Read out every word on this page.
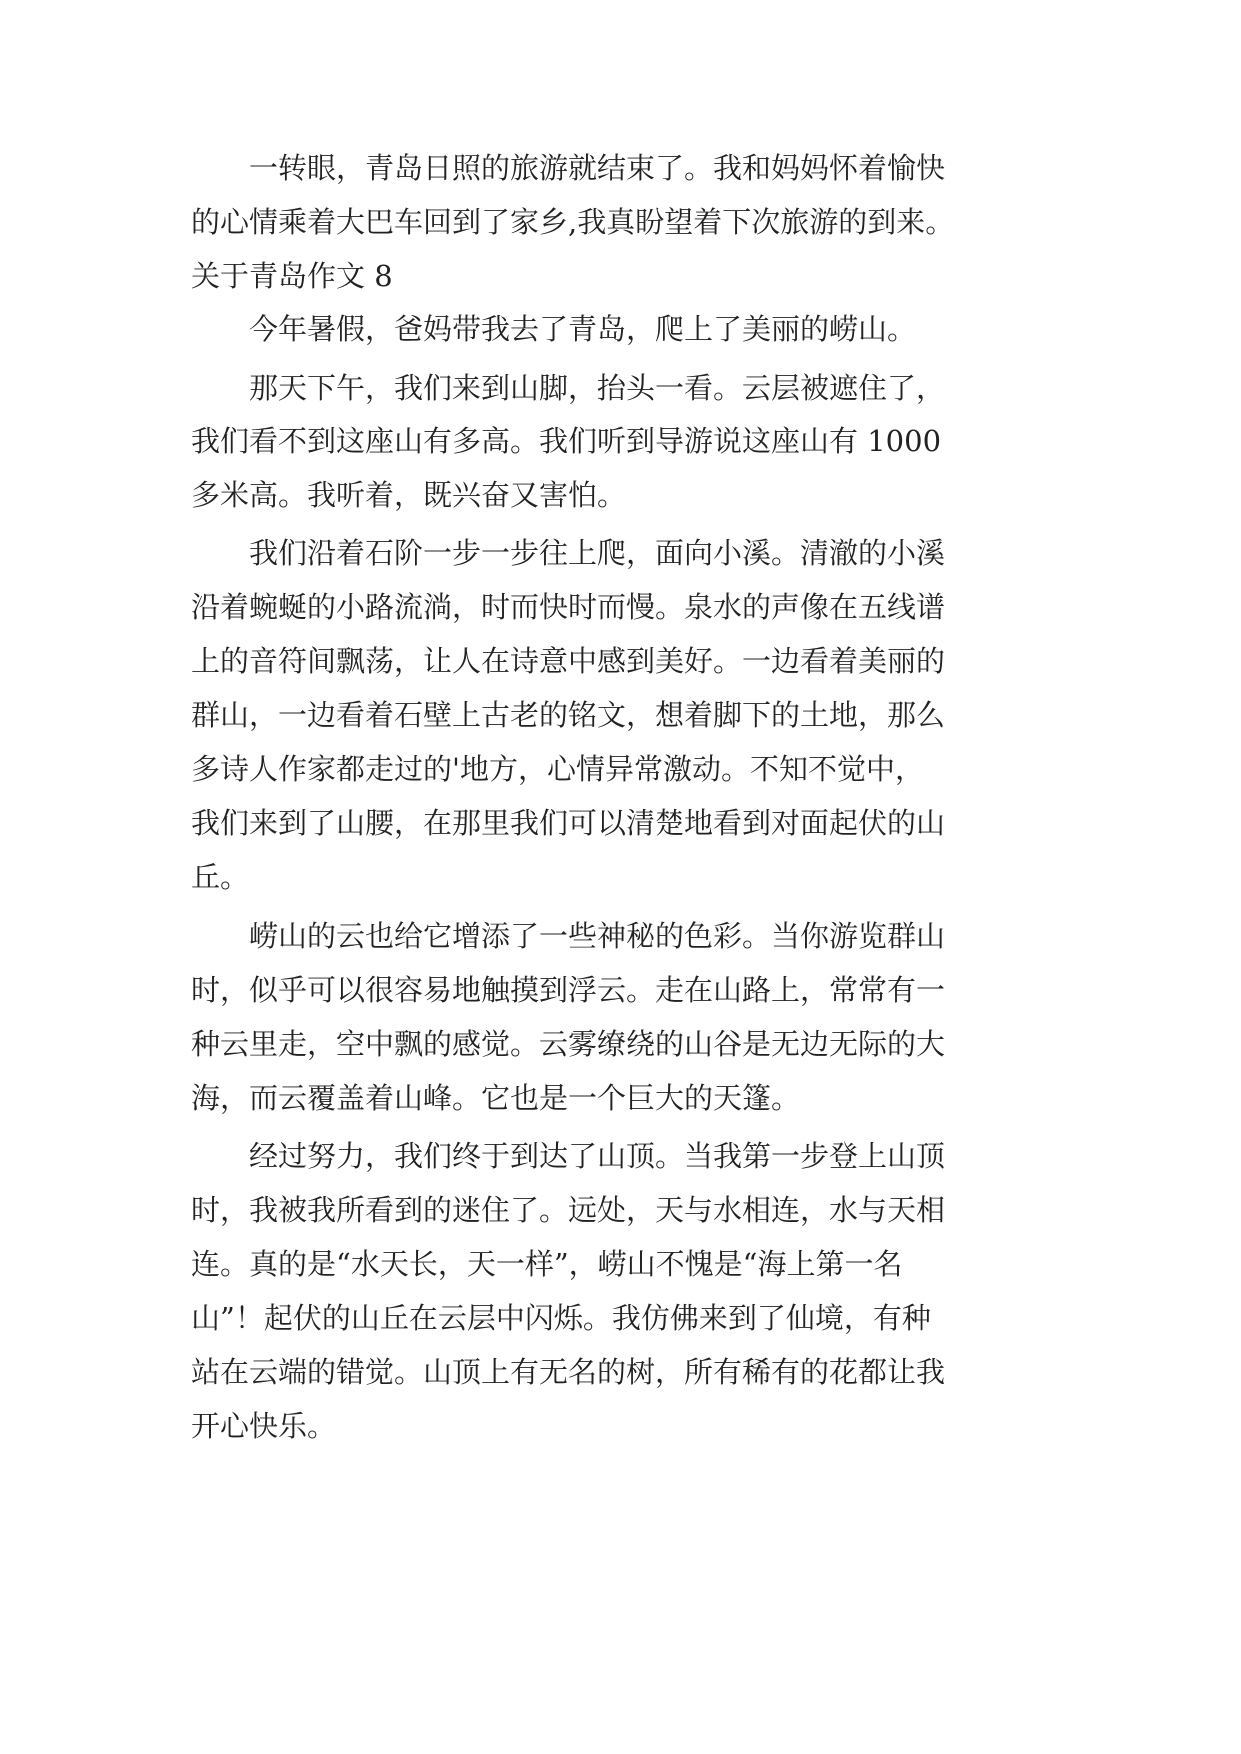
　　一转眼，青岛日照的旅游就结束了。我和妈妈怀着愉快
的心情乘着大巴车回到了家乡,我真盼望着下次旅游的到来。
关于青岛作文 8
　　今年暑假，爸妈带我去了青岛，爬上了美丽的崂山。
　　那天下午，我们来到山脚，抬头一看。云层被遮住了，
我们看不到这座山有多高。我们听到导游说这座山有 1000
多米高。我听着，既兴奋又害怕。
　　我们沿着石阶一步一步往上爬，面向小溪。清澈的小溪
沿着蜿蜒的小路流淌，时而快时而慢。泉水的声像在五线谱
上的音符间飘荡，让人在诗意中感到美好。一边看着美丽的
群山，一边看着石壁上古老的铭文，想着脚下的土地，那么
多诗人作家都走过的'地方，心情异常激动。不知不觉中，
我们来到了山腰，在那里我们可以清楚地看到对面起伏的山
丘。
　　崂山的云也给它增添了一些神秘的色彩。当你游览群山
时，似乎可以很容易地触摸到浮云。走在山路上，常常有一
种云里走，空中飘的感觉。云雾缭绕的山谷是无边无际的大
海，而云覆盖着山峰。它也是一个巨大的天篷。
　　经过努力，我们终于到达了山顶。当我第一步登上山顶
时，我被我所看到的迷住了。远处，天与水相连，水与天相
连。真的是“水天长，天一样”，崂山不愧是“海上第一名
山”！起伏的山丘在云层中闪烁。我仿佛来到了仙境，有种
站在云端的错觉。山顶上有无名的树，所有稀有的花都让我
开心快乐。
